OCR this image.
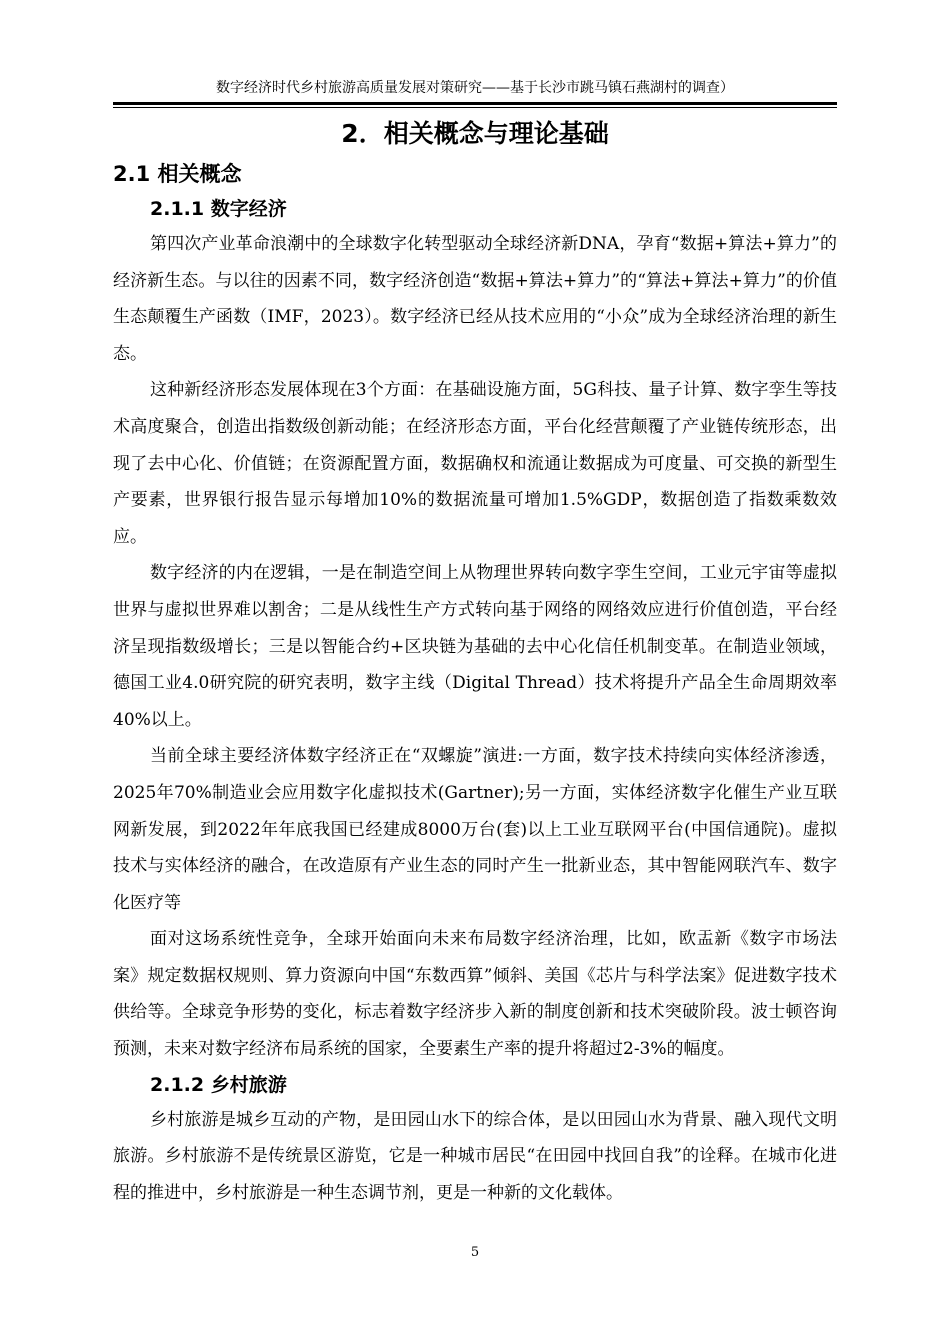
数字经济时代乡村旅游高质量发展对策研究——基于长沙市跳马镇石燕湖村的调查）
2．相关概念与理论基础
2.1 相关概念
2.1.1 数字经济

第四次产业革命浪潮中的全球数字化转型驱动全球经济新DNA，孕育“数据+算法+算力”的经济新生态。与以往的因素不同，数字经济创造“数据+算法+算力”的“算法+算法+算力”的价值生态颠覆生产函数（IMF，2023）。数字经济已经从技术应用的“小众”成为全球经济治理的新生态。

这种新经济形态发展体现在3个方面：在基础设施方面，5G科技、量子计算、数字孪生等技术高度聚合，创造出指数级创新动能；在经济形态方面，平台化经营颠覆了产业链传统形态，出现了去中心化、价值链；在资源配置方面，数据确权和流通让数据成为可度量、可交换的新型生产要素，世界银行报告显示每增加10%的数据流量可增加1.5%GDP，数据创造了指数乘数效应。

数字经济的内在逻辑，一是在制造空间上从物理世界转向数字孪生空间，工业元宇宙等虚拟世界与虚拟世界难以割舍；二是从线性生产方式转向基于网络的网络效应进行价值创造，平台经济呈现指数级增长；三是以智能合约+区块链为基础的去中心化信任机制变革。在制造业领域，德国工业4.0研究院的研究表明，数字主线（Digital Thread）技术将提升产品全生命周期效率40%以上。

当前全球主要经济体数字经济正在“双螺旋”演进:一方面，数字技术持续向实体经济渗透，2025年70%制造业会应用数字化虚拟技术(Gartner);另一方面，实体经济数字化催生产业互联网新发展，到2022年年底我国已经建成8000万台(套)以上工业互联网平台(中国信通院)。虚拟技术与实体经济的融合，在改造原有产业生态的同时产生一批新业态，其中智能网联汽车、数字化医疗等

面对这场系统性竞争，全球开始面向未来布局数字经济治理，比如，欧盂新《数字市场法案》规定数据权规则、算力资源向中国“东数西算”倾斜、美国《芯片与科学法案》促进数字技术供给等。全球竞争形势的变化，标志着数字经济步入新的制度创新和技术突破阶段。波士顿咨询预测，未来对数字经济布局系统的国家，全要素生产率的提升将超过2-3%的幅度。

2.1.2 乡村旅游

乡村旅游是城乡互动的产物，是田园山水下的综合体，是以田园山水为背景、融入现代文明旅游。乡村旅游不是传统景区游览，它是一种城市居民“在田园中找回自我”的诠释。在城市化进程的推进中，乡村旅游是一种生态调节剂，更是一种新的文化载体。

5
